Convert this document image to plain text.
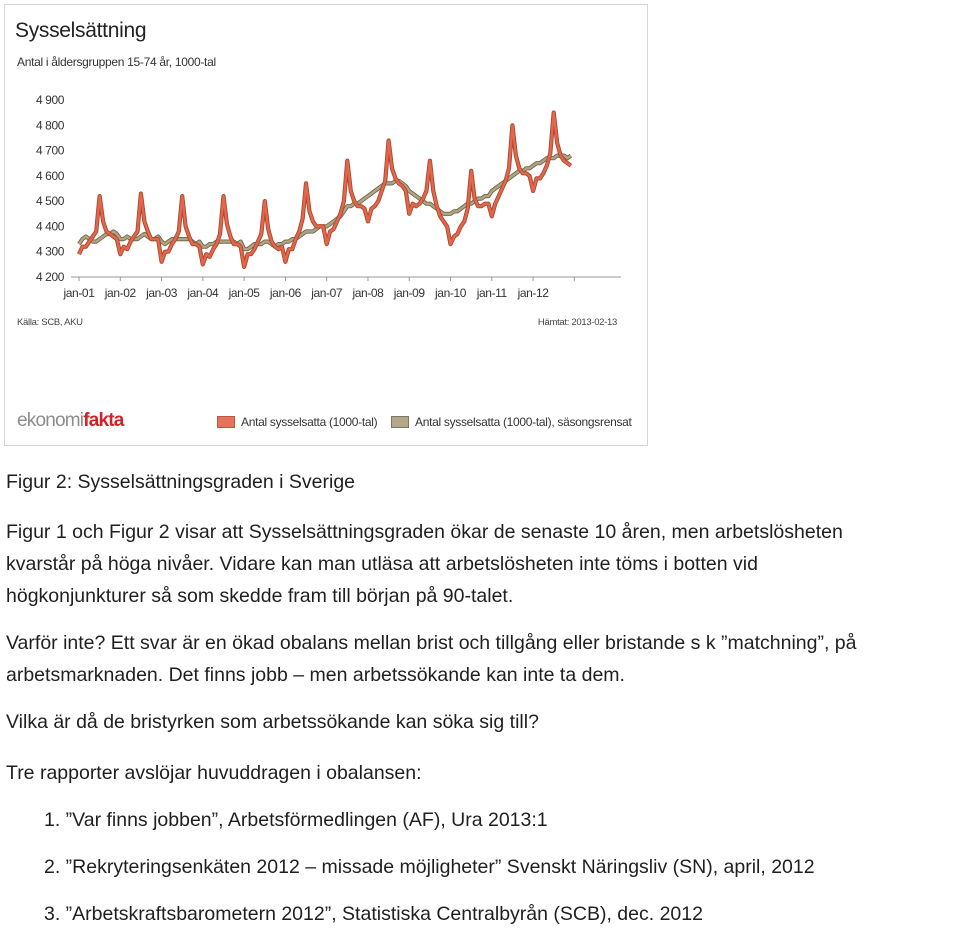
Sysselsättning
Antal i åldersgruppen 15-74 år, 1000-tal
4 200
4 300
4 400
4 500
4 600
4 700
4 800
4 900
jan-01 jan-02 jan-03 jan-04 jan-05 jan-06 jan-07 jan-08 jan-09 jan-10 jan-11 jan-12
Källa: SCB, AKU	Hämtat: 2013-02-13
ekonomifakta	Antal sysselsatta (1000-tal)	Antal sysselsatta (1000-tal), säsongsrensat
Figur 2: Sysselsättningsgraden i Sverige
Figur 1 och Figur 2 visar att Sysselsättningsgraden ökar de senaste 10 åren, men arbetslösheten
kvarstår på höga nivåer. Vidare kan man utläsa att arbetslösheten inte töms i botten vid
högkonjunkturer så som skedde fram till början på 90-talet.
Varför inte? Ett svar är en ökad obalans mellan brist och tillgång eller bristande s k ”matchning”, på
arbetsmarknaden. Det finns jobb – men arbetssökande kan inte ta dem.
Vilka är då de bristyrken som arbetssökande kan söka sig till?
Tre rapporter avslöjar huvuddragen i obalansen:
1. ”Var finns jobben”, Arbetsförmedlingen (AF), Ura 2013:1
2. ”Rekryteringsenkäten 2012 – missade möjligheter” Svenskt Näringsliv (SN), april, 2012
3. ”Arbetskraftsbarometern 2012”, Statistiska Centralbyrån (SCB), dec. 2012
